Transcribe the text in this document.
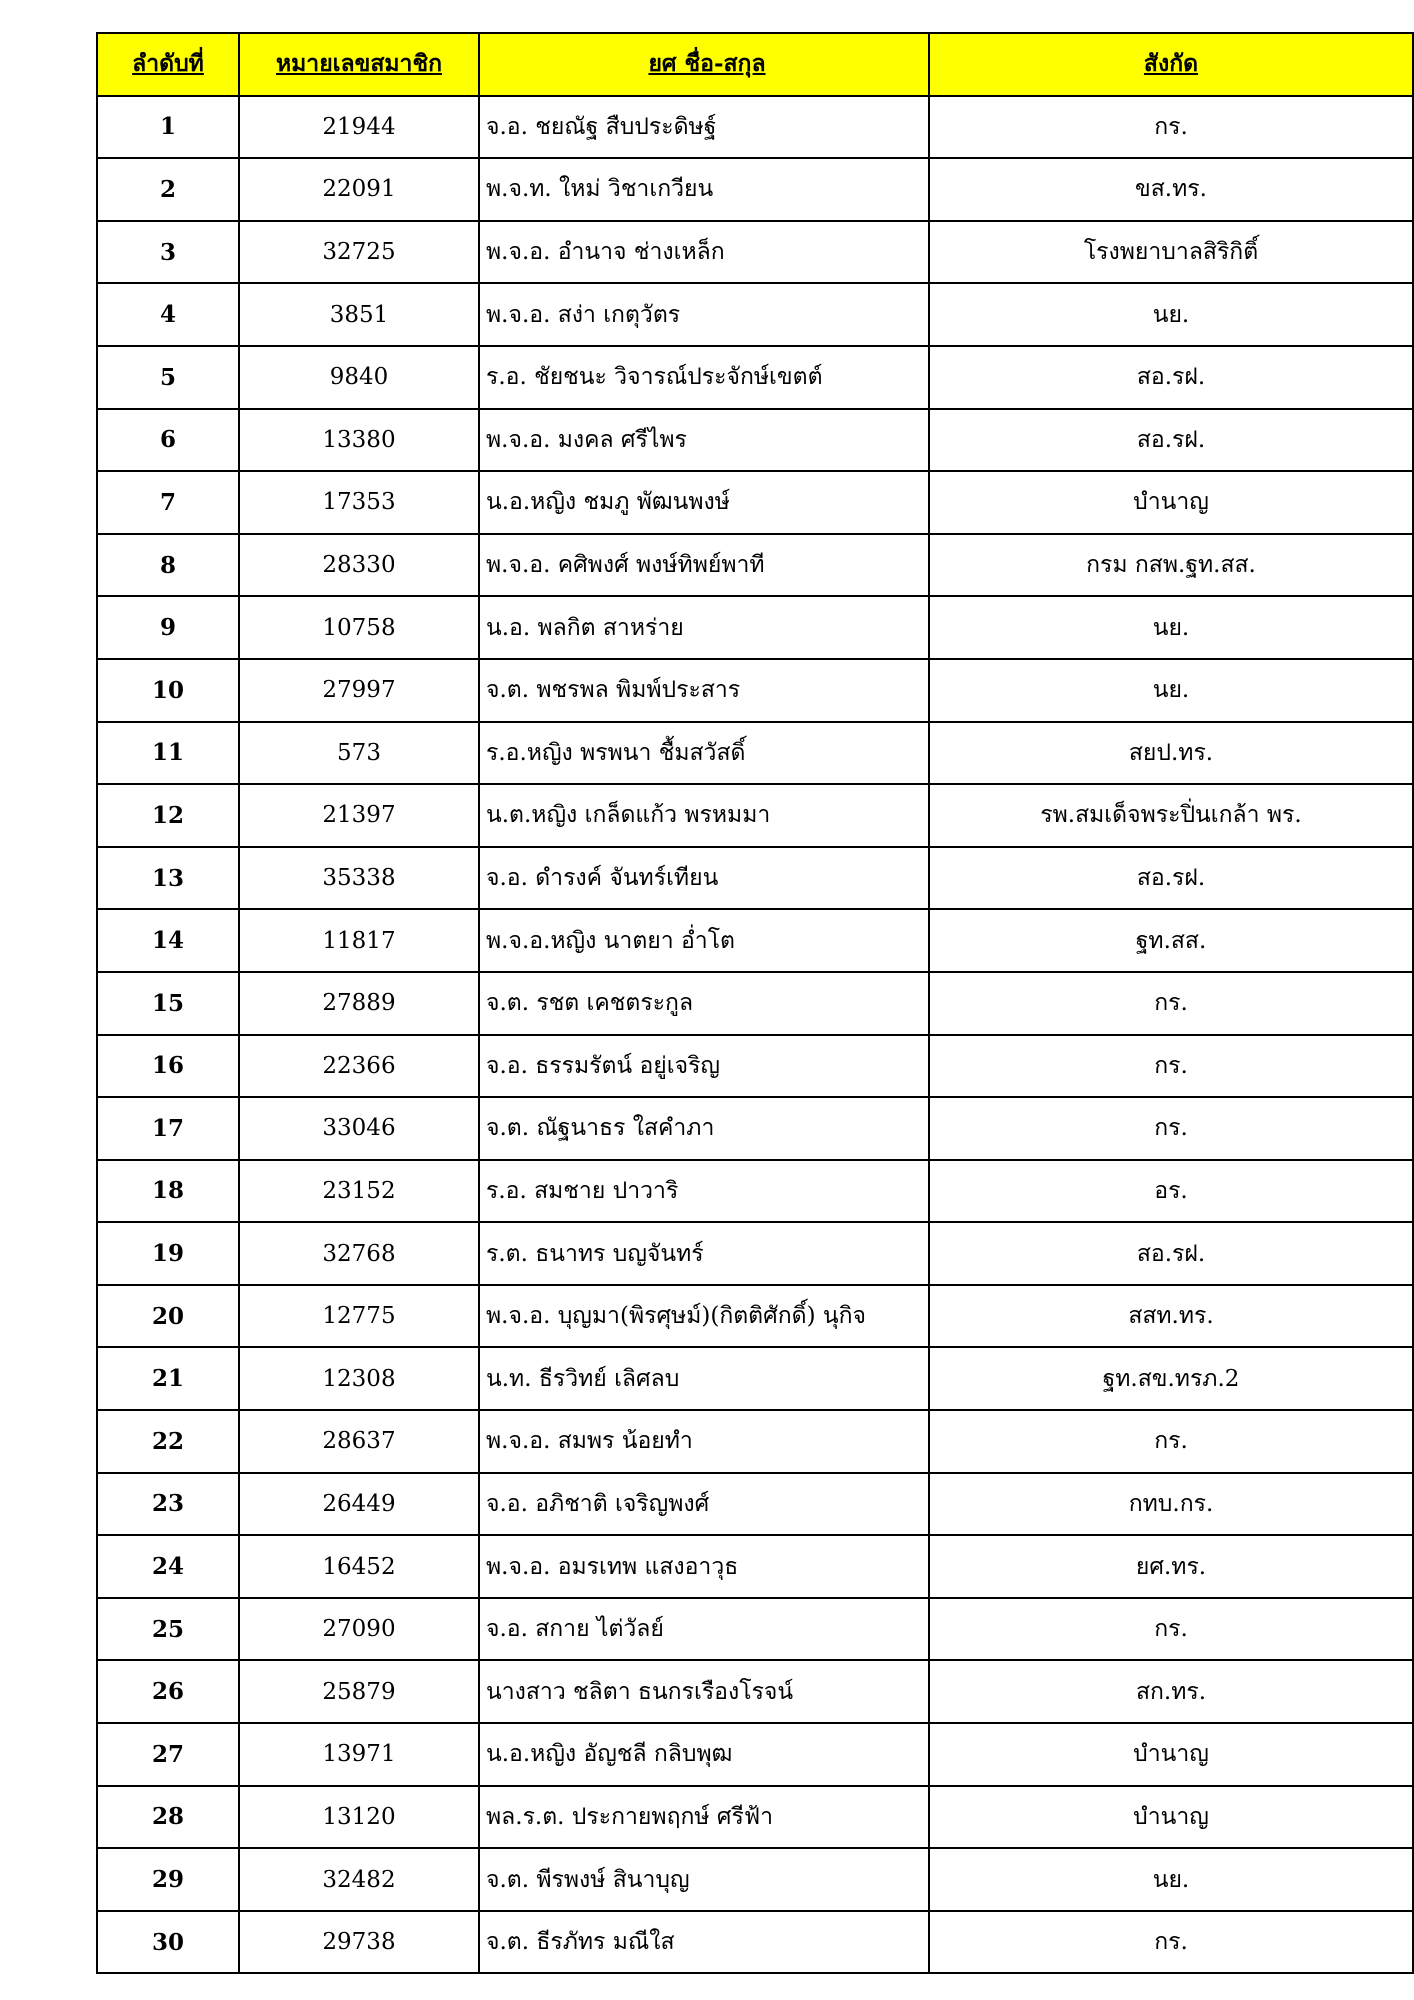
ลำดับที่	หมายเลขสมาชิก	ยศ ชื่อ-สกุล	สังกัด
1	21944	จ.อ. ชยณัฐ สืบประดิษฐ์	กร.
2	22091	พ.จ.ท. ใหม่ วิชาเกวียน	ขส.ทร.
3	32725	พ.จ.อ. อำนาจ ช่างเหล็ก	โรงพยาบาลสิริกิติ์
4	3851	พ.จ.อ. สง่า เกตุวัตร	นย.
5	9840	ร.อ. ชัยชนะ วิจารณ์ประจักษ์เขตต์	สอ.รฝ.
6	13380	พ.จ.อ. มงคล ศรีไพร	สอ.รฝ.
7	17353	น.อ.หญิง ชมภู พัฒนพงษ์	บำนาญ
8	28330	พ.จ.อ. คศิพงศ์ พงษ์ทิพย์พาที	กรม กสพ.ฐท.สส.
9	10758	น.อ. พลกิต สาหร่าย	นย.
10	27997	จ.ต. พชรพล พิมพ์ประสาร	นย.
11	573	ร.อ.หญิง พรพนา ชื้มสวัสดิ์	สยป.ทร.
12	21397	น.ต.หญิง เกล็ดแก้ว พรหมมา	รพ.สมเด็จพระปิ่นเกล้า พร.
13	35338	จ.อ. ดำรงค์ จันทร์เทียน	สอ.รฝ.
14	11817	พ.จ.อ.หญิง นาตยา อ่ำโต	ฐท.สส.
15	27889	จ.ต. รชต เคชตระกูล	กร.
16	22366	จ.อ. ธรรมรัตน์ อยู่เจริญ	กร.
17	33046	จ.ต. ณัฐนาธร ใสคำภา	กร.
18	23152	ร.อ. สมชาย ปาวาริ	อร.
19	32768	ร.ต. ธนาทร บญจันทร์	สอ.รฝ.
20	12775	พ.จ.อ. บุญมา(พิรศุษม์)(กิตติศักดิ์) นุกิจ	สสท.ทร.
21	12308	น.ท. ธีรวิทย์ เลิศลบ	ฐท.สข.ทรภ.2
22	28637	พ.จ.อ. สมพร น้อยทำ	กร.
23	26449	จ.อ. อภิชาติ เจริญพงศ์	กทบ.กร.
24	16452	พ.จ.อ. อมรเทพ แสงอาวุธ	ยศ.ทร.
25	27090	จ.อ. สกาย ไต่วัลย์	กร.
26	25879	นางสาว ชลิตา ธนกรเรืองโรจน์	สก.ทร.
27	13971	น.อ.หญิง อัญชลี กลิบพุฒ	บำนาญ
28	13120	พล.ร.ต. ประกายพฤกษ์ ศรีฟ้า	บำนาญ
29	32482	จ.ต. พีรพงษ์ สินาบุญ	นย.
30	29738	จ.ต. ธีรภัทร มณีใส	กร.
